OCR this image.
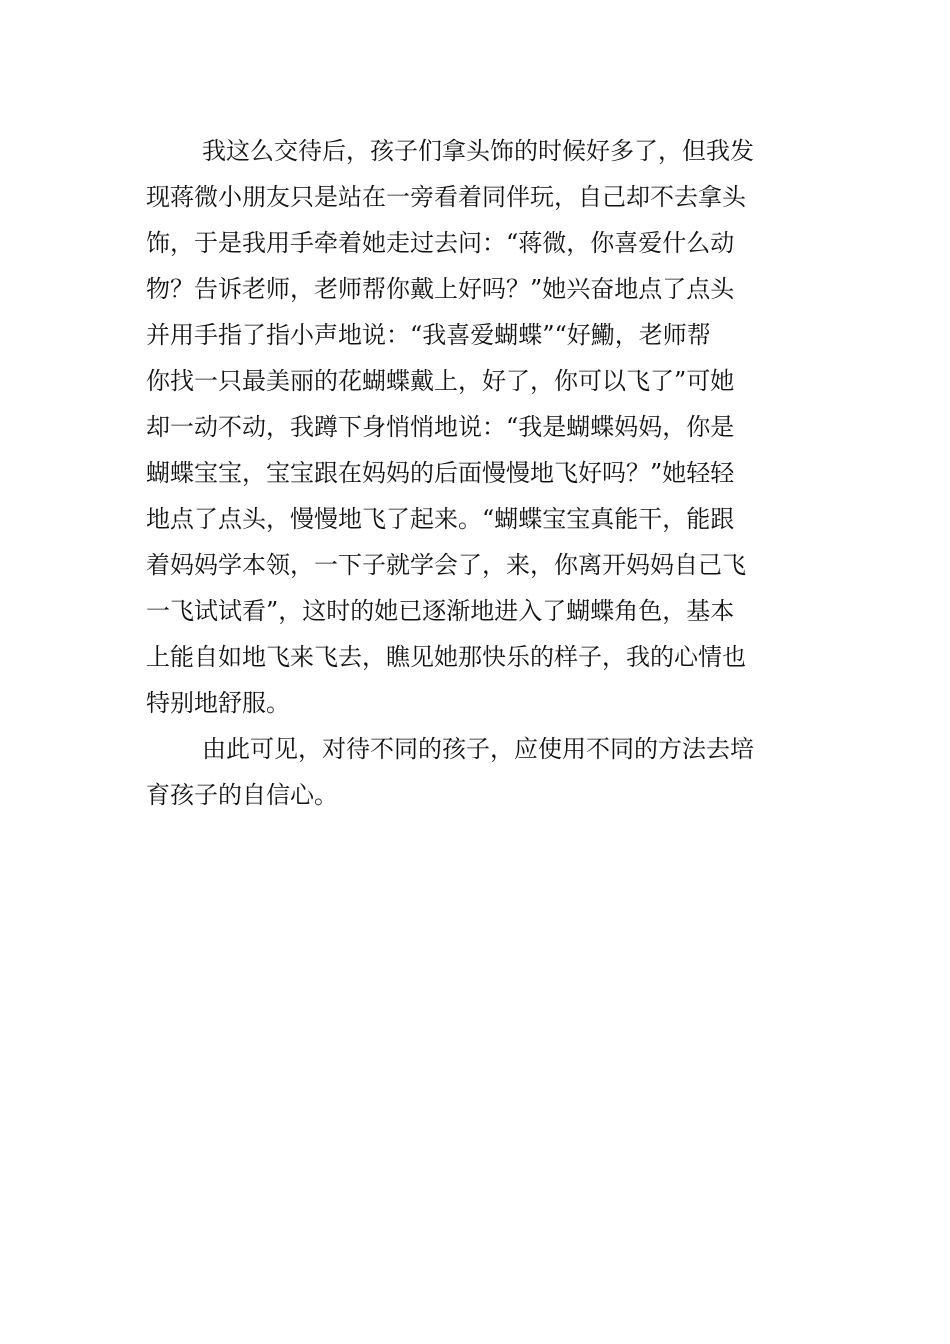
我这么交待后，孩子们拿头饰的时候好多了，但我发
现蒋微小朋友只是站在一旁看着同伴玩，自己却不去拿头
饰，于是我用手牵着她走过去问：“蒋微，你喜爱什么动
物？告诉老师，老师帮你戴上好吗？”她兴奋地点了点头
并用手指了指小声地说：“我喜爱蝴蝶”“好鰳，老师帮
你找一只最美丽的花蝴蝶戴上，好了，你可以飞了”可她
却一动不动，我蹲下身悄悄地说：“我是蝴蝶妈妈，你是
蝴蝶宝宝，宝宝跟在妈妈的后面慢慢地飞好吗？”她轻轻
地点了点头，慢慢地飞了起来。“蝴蝶宝宝真能干，能跟
着妈妈学本领，一下子就学会了，来，你离开妈妈自己飞
一飞试试看”，这时的她已逐渐地进入了蝴蝶角色，基本
上能自如地飞来飞去，瞧见她那快乐的样子，我的心情也
特别地舒服。
由此可见，对待不同的孩子，应使用不同的方法去培
育孩子的自信心。
